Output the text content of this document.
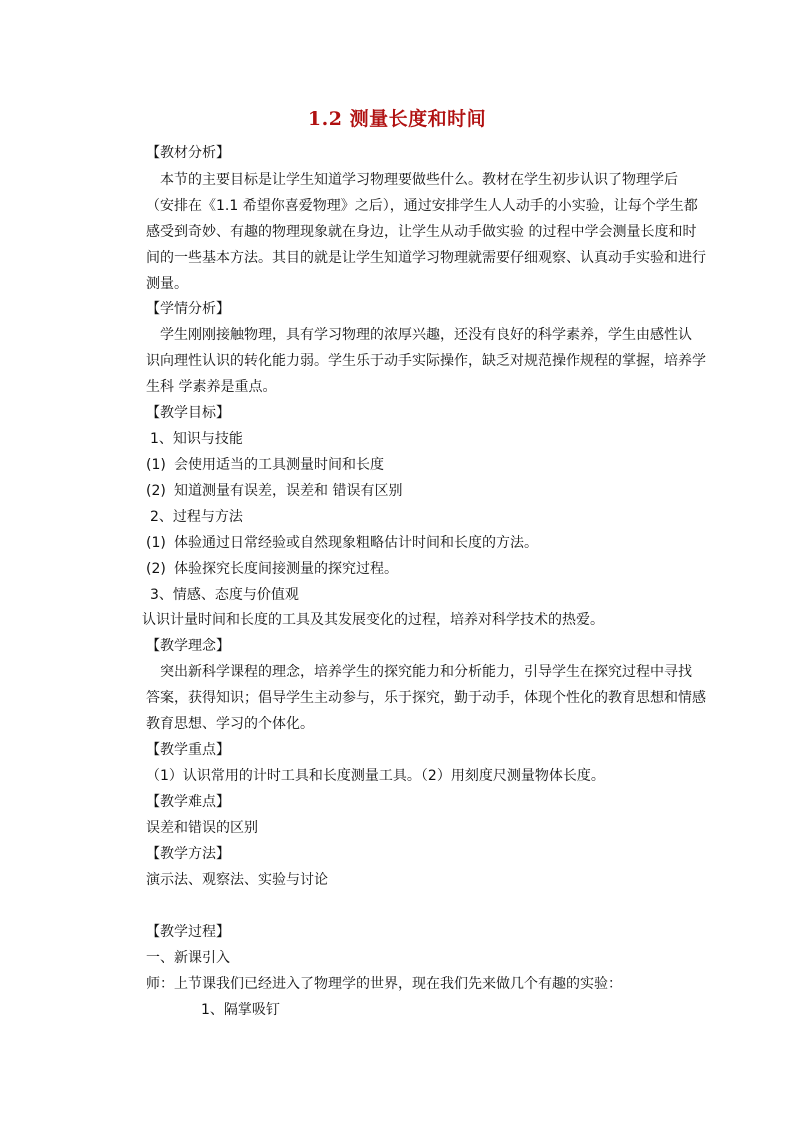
1.2 测量长度和时间
【教材分析】
本节的主要目标是让学生知道学习物理要做些什么。教材在学生初步认识了物理学后
（安排在《1.1 希望你喜爱物理》之后），通过安排学生人人动手的小实验，让每个学生都
感受到奇妙、有趣的物理现象就在身边，让学生从动手做实验 的过程中学会测量长度和时
间的一些基本方法。其目的就是让学生知道学习物理就需要仔细观察、认真动手实验和进行
测量。
【学情分析】
学生刚刚接触物理，具有学习物理的浓厚兴趣，还没有良好的科学素养，学生由感性认
识向理性认识的转化能力弱。学生乐于动手实际操作，缺乏对规范操作规程的掌握，培养学
生科 学素养是重点。
【教学目标】
1、知识与技能
(1) 会使用适当的工具测量时间和长度
(2) 知道测量有误差，误差和 错误有区别
2、过程与方法
(1) 体验通过日常经验或自然现象粗略估计时间和长度的方法。
(2) 体验探究长度间接测量的探究过程。
3、情感、态度与价值观
认识计量时间和长度的工具及其发展变化的过程，培养对科学技术的热爱。
【教学理念】
突出新科学课程的理念，培养学生的探究能力和分析能力，引导学生在探究过程中寻找
答案，获得知识；倡导学生主动参与，乐于探究，勤于动手，体现个性化的教育思想和情感
教育思想、学习的个体化。
【教学重点】
（1）认识常用的计时工具和长度测量工具。（2）用刻度尺测量物体长度。
【教学难点】
误差和错误的区别
【教学方法】
演示法、观察法、实验与讨论
【教学过程】
一、新课引入
师：上节课我们已经进入了物理学的世界，现在我们先来做几个有趣的实验：
1、隔掌吸钉
